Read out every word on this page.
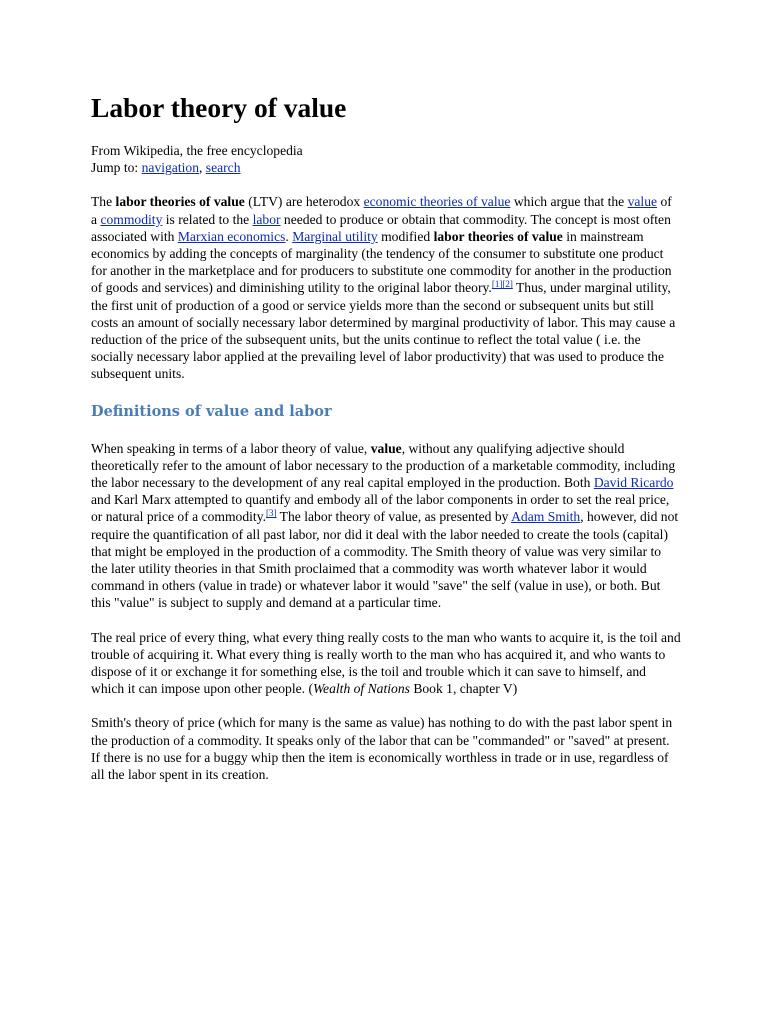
Labor theory of value

From Wikipedia, the free encyclopedia

Jump to: navigation, search

The labor theories of value (LTV) are heterodox economic theories of value which argue that the value of a commodity is related to the labor needed to produce or obtain that commodity. The concept is most often associated with Marxian economics. Marginal utility modified labor theories of value in mainstream economics by adding the concepts of marginality (the tendency of the consumer to substitute one product for another in the marketplace and for producers to substitute one commodity for another in the production of goods and services) and diminishing utility to the original labor theory.[1][2] Thus, under marginal utility, the first unit of production of a good or service yields more than the second or subsequent units but still costs an amount of socially necessary labor determined by marginal productivity of labor. This may cause a reduction of the price of the subsequent units, but the units continue to reflect the total value ( i.e. the socially necessary labor applied at the prevailing level of labor productivity) that was used to produce the subsequent units.

Definitions of value and labor

When speaking in terms of a labor theory of value, value, without any qualifying adjective should theoretically refer to the amount of labor necessary to the production of a marketable commodity, including the labor necessary to the development of any real capital employed in the production. Both David Ricardo and Karl Marx attempted to quantify and embody all of the labor components in order to set the real price, or natural price of a commodity.[3] The labor theory of value, as presented by Adam Smith, however, did not require the quantification of all past labor, nor did it deal with the labor needed to create the tools (capital) that might be employed in the production of a commodity. The Smith theory of value was very similar to the later utility theories in that Smith proclaimed that a commodity was worth whatever labor it would command in others (value in trade) or whatever labor it would "save" the self (value in use), or both. But this "value" is subject to supply and demand at a particular time.

The real price of every thing, what every thing really costs to the man who wants to acquire it, is the toil and trouble of acquiring it. What every thing is really worth to the man who has acquired it, and who wants to dispose of it or exchange it for something else, is the toil and trouble which it can save to himself, and which it can impose upon other people. (Wealth of Nations Book 1, chapter V)

Smith's theory of price (which for many is the same as value) has nothing to do with the past labor spent in the production of a commodity. It speaks only of the labor that can be "commanded" or "saved" at present. If there is no use for a buggy whip then the item is economically worthless in trade or in use, regardless of all the labor spent in its creation.
